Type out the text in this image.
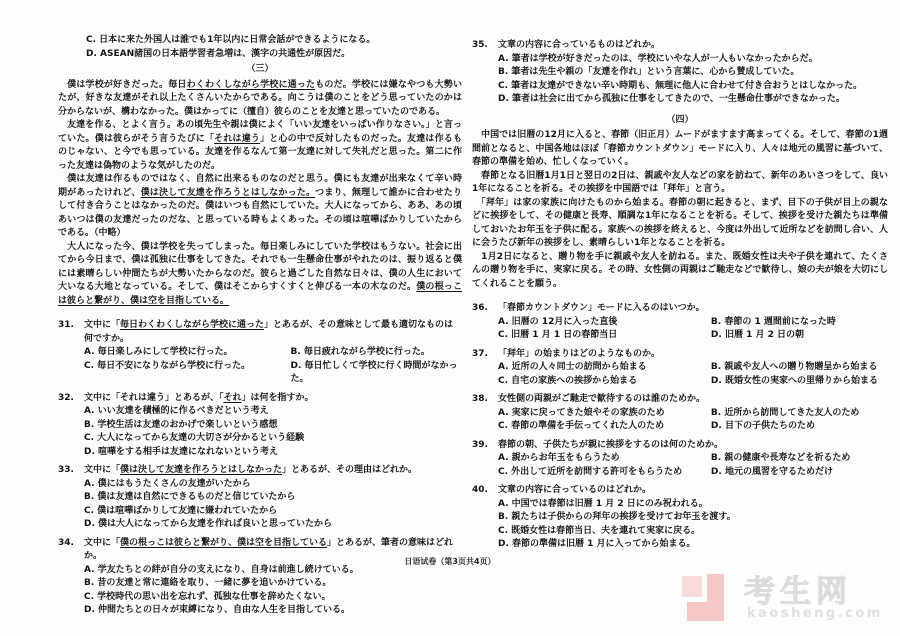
C. 日本に来た外国人は誰でも1年以内に日常会話ができるようになる。
D. ASEAN諸国の日本語学習者急増は、漢字の共通性が原因だ。
（三）

　僕は学校が好きだった。毎日わくわくしながら学校に通ったものだ。学校には嫌なやつも大勢いたが、好きな友達がそれ以上たくさんいたからである。向こうは僕のことをどう思っていたのかは分からないが、構わなかった。僕はかってに（擅自）彼らのことを友達と思っていたのである。

　友達を作る、とよく言う。あの頃先生や親は僕によく「いい友達をいっぱい作りなさい。」と言っていた。僕は彼らがそう言うたびに「それは違う」と心の中で反対したものだった。友達は作るものじゃない、と今でも思っている。友達を作るなんて第一友達に対して失礼だと思った。第二に作った友達は偽物のような気がしたのだ。

　僕は友達は作るものではなく、自然に出来るものなのだと思う。僕にも友達が出来なくて辛い時期があったけれど、僕は決して友達を作ろうとはしなかった。つまり、無理して誰かに合わせたりして付き合うことはなかったのだ。僕はいつも自然にしていた。大人になってから、ああ、あの頃あいつは僕の友達だったのだな、と思っている時もよくあった。その頃は喧嘩ばかりしていたからである。（中略）

　大人になった今、僕は学校を失ってしまった。毎日楽しみにしていた学校はもうない。社会に出てから今日まで、僕は孤独に仕事をしてきた。それでも一生懸命仕事がやれたのは、振り返ると僕には素晴らしい仲間たちが大勢いたからなのだ。彼らと過ごした自然な日々は、僕の人生において大いなる大地となっている。そして、僕はそこからすくすくと伸びる一本の木なのだ。僕の根っこは彼らと繋がり、僕は空を目指している。

31.	文中に「毎日わくわくしながら学校に通った」とあるが、その意味として最も適切なものは何ですか。
A. 毎日楽しみにして学校に行った。	B. 毎日疲れながら学校に行った。
C. 毎日不安になりながら学校に行った。	D. 毎日忙しくて学校に行く時間がなかった。
32.	文中に「それは違う」とあるが、「それ」は何を指すか。
A. いい友達を積極的に作るべきだという考え
B. 学校生活は友達のおかげで楽しいという感想
C. 大人になってから友達の大切さが分かるという経験
D. 喧嘩をする相手は友達になれないという考え
33.	文中に「僕は決して友達を作ろうとはしなかった」とあるが、その理由はどれか。
A. 僕にはもうたくさんの友達がいたから
B. 僕は友達は自然にできるものだと信じていたから
C. 僕は喧嘩ばかりして友達に嫌われていたから
D. 僕は大人になってから友達を作れば良いと思っていたから
34.	文中に「僕の根っこは彼らと繋がり、僕は空を目指している」とあるが、筆者の意味はどれか。
A. 学友たちとの絆が自分の支えになり、自身は前進し続けている。
B. 昔の友達と常に連絡を取り、一緒に夢を追いかけている。
C. 学校時代の思い出を忘れず、孤独な仕事を辞めたくない。
D. 仲間たちとの日々が束縛になり、自由な人生を目指している。
35.	文章の内容に合っているものはどれか。
A. 筆者は学校が好きだったのは、学校にいやな人が一人もいなかったからだ。
B. 筆者は先生や親の「友達を作れ」という言葉に、心から賛成していた。
C. 筆者は友達ができない辛い時期も、無理に他人に合わせて付き合おうとはしなかった。
D. 筆者は社会に出てから孤独に仕事をしてきたので、一生懸命仕事ができなかった。
（四）

　中国では旧暦の12月に入ると、春節（旧正月）ムードがますます高まってくる。そして、春節の1週間前となると、中国各地はほぼ「春節カウントダウン」モードに入り、人々は地元の風習に基づいて、春節の準備を始め、忙しくなっていく。

　春節となる旧暦1月1日と翌日の2日は、親戚や友人などの家を訪ねて、新年のあいさつをして、良い1年になることを祈る。その挨拶を中国語では「拜年」と言う。

　「拜年」は家の家族に向けたものから始まる。春節の朝に起きると、まず、目下の子供が目上の親などに挨拶をして、その健康と長寿、順調な1年になることを祈る。そして、挨拶を受けた親たちは準備しておいたお年玉を子供に配る。家族への挨拶を終えると、今度は外出して近所などを訪問し合い、人に会うたび新年の挨拶をし、素晴らしい1年となることを祈る。

　1月2日になると、贈り物を手に親戚や友人を訪ねる。また、既婚女性は夫や子供を連れて、たくさんの贈り物を手に、実家に戻る。その時、女性側の両親はご馳走などで歓待し、娘の夫が娘を大切にしてくれることを願う。

36.	「春節カウントダウン」モードに入るのはいつか。
A. 旧暦の 12月に入った直後	B. 春節の 1 週間前になった時
C. 旧暦 1 月 1 日の春節当日	D. 旧暦 1 月 2 日の朝
37.	「拜年」の始まりはどのようなものか。
A. 近所の人々同士の訪問から始まる	B. 親戚や友人への贈り物贈呈から始まる
C. 自宅の家族への挨拶から始まる	D. 既婚女性の実家への里帰りから始まる
38.	女性側の両親がご馳走で歓待するのは誰のためか。
A. 実家に戻ってきた娘やその家族のため	B. 近所から訪問してきた友人のため
C. 春節の準備を手伝ってくれた人のため	D. 目下の子供たちのため
39.	春節の朝、子供たちが親に挨拶をするのは何のためか。
A. 親からお年玉をもらうため	B. 親の健康や長寿などを祈るため
C. 外出して近所を訪問する許可をもらうため	D. 地元の風習を守るためだけ
40.	文章の内容に合っているのはどれか。
A. 中国では春節は旧暦 1 月 2 日にのみ祝われる。
B. 親たちは子供からの拜年の挨拶を受けてお年玉を渡す。
C. 既婚女性は春節当日、夫を連れて実家に戻る。
D. 春節の準備は旧暦 1 月に入ってから始まる。
日语试卷（第3页共4页）
考生网
kaosheng.com
